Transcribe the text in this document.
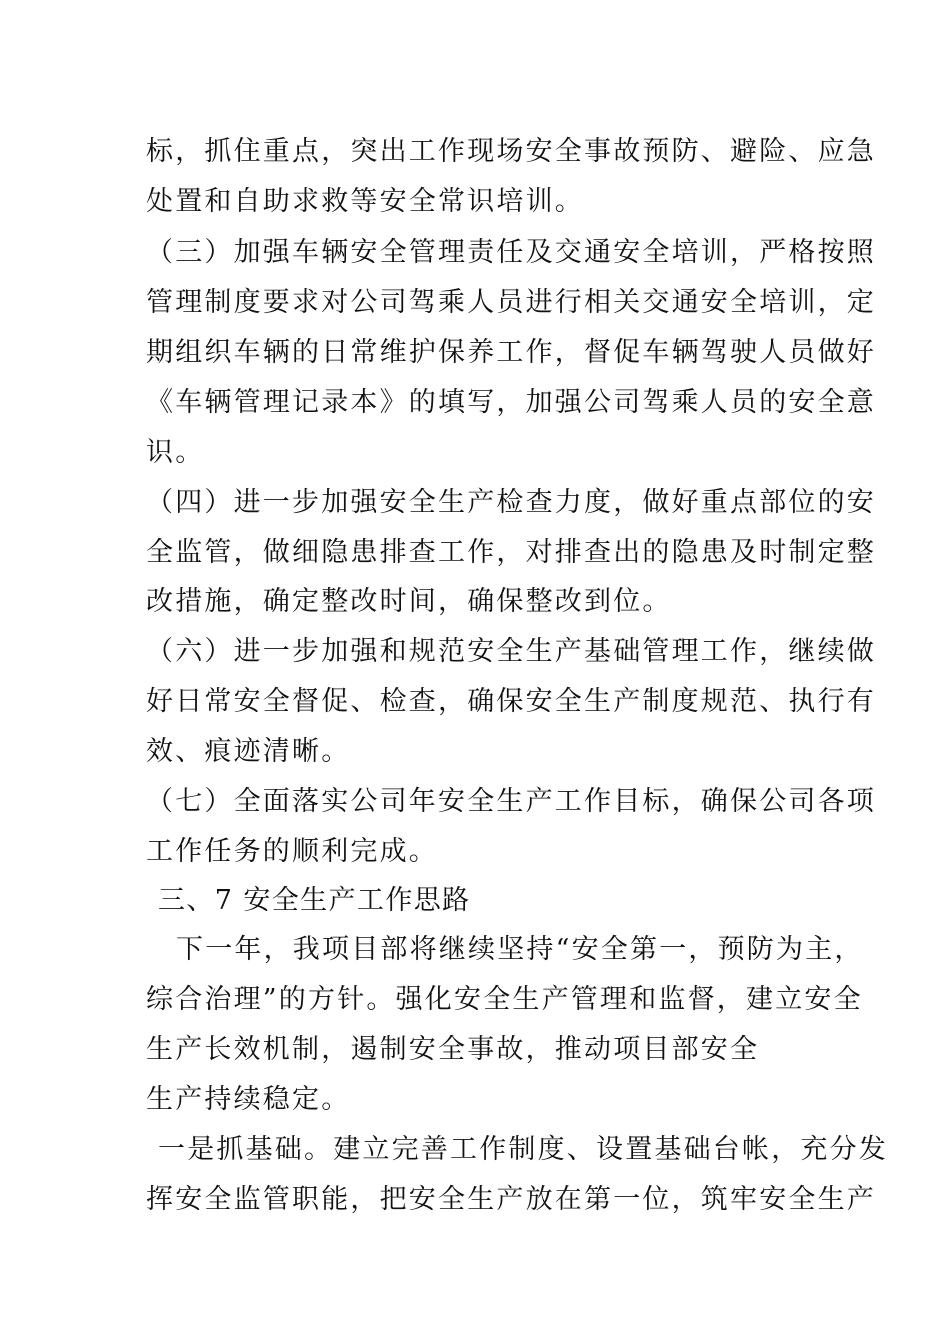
标，抓住重点，突出工作现场安全事故预防、避险、应急
处置和自助求救等安全常识培训。
（三）加强车辆安全管理责任及交通安全培训，严格按照
管理制度要求对公司驾乘人员进行相关交通安全培训，定
期组织车辆的日常维护保养工作，督促车辆驾驶人员做好
《车辆管理记录本》的填写，加强公司驾乘人员的安全意
识。
（四）进一步加强安全生产检查力度，做好重点部位的安
全监管，做细隐患排查工作，对排查出的隐患及时制定整
改措施，确定整改时间，确保整改到位。
（六）进一步加强和规范安全生产基础管理工作，继续做
好日常安全督促、检查，确保安全生产制度规范、执行有
效、痕迹清晰。
（七）全面落实公司年安全生产工作目标，确保公司各项
工作任务的顺利完成。
三、7 安全生产工作思路
下一年，我项目部将继续坚持“安全第一，预防为主，
综合治理”的方针。强化安全生产管理和监督，建立安全
生产长效机制，遏制安全事故，推动项目部安全
生产持续稳定。
一是抓基础。建立完善工作制度、设置基础台帐，充分发
挥安全监管职能，把安全生产放在第一位，筑牢安全生产
